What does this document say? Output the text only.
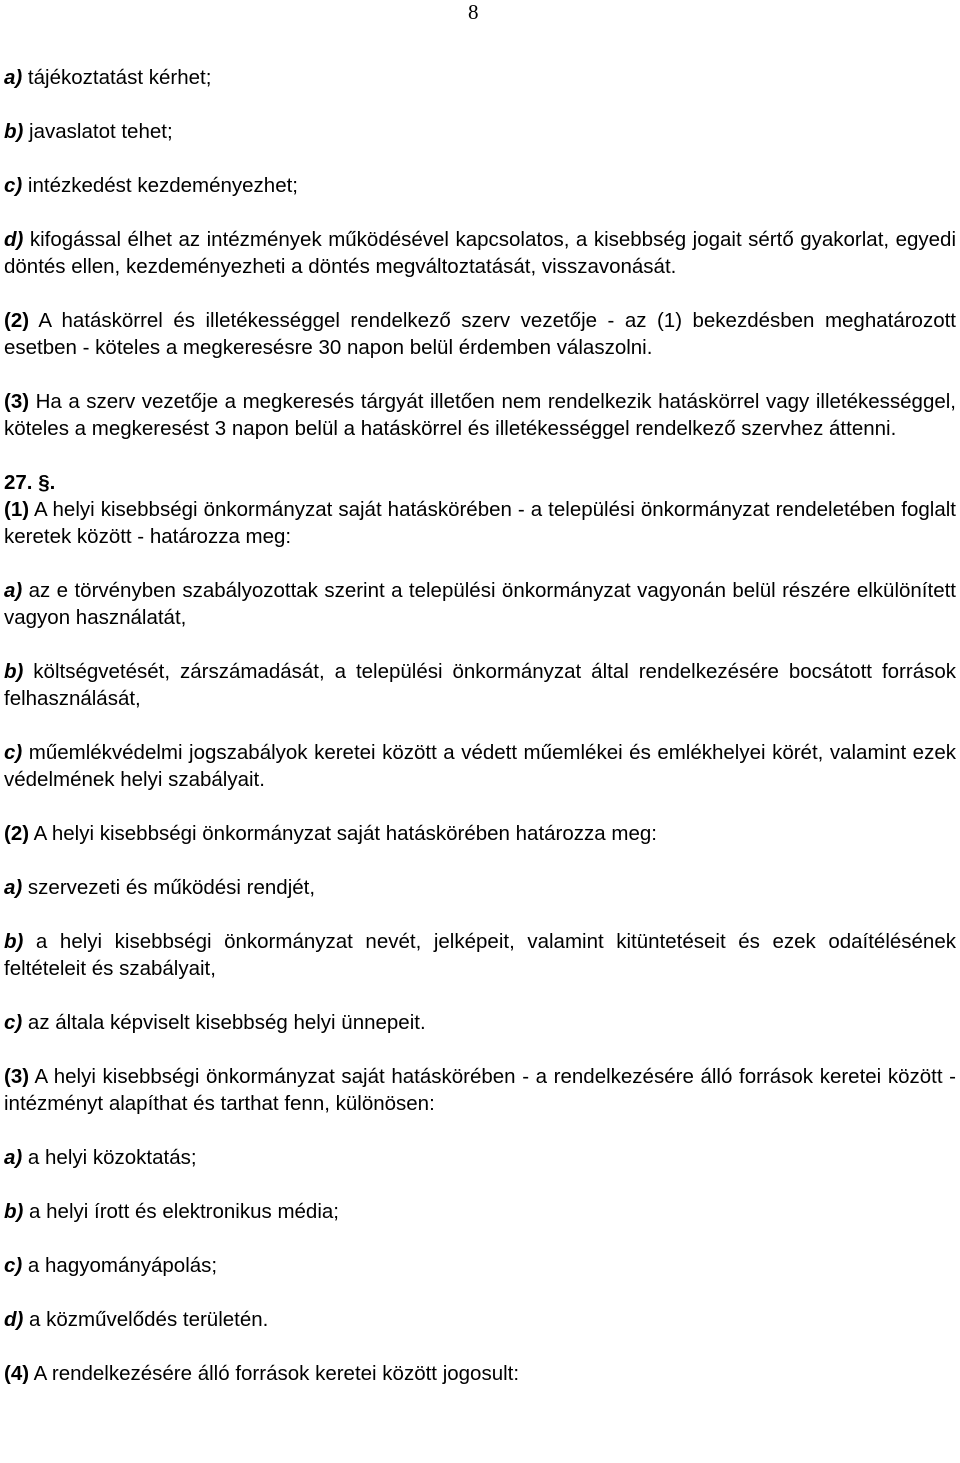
8

a) tájékoztatást kérhet;

b) javaslatot tehet;

c) intézkedést kezdeményezhet;

d) kifogással élhet az intézmények működésével kapcsolatos, a kisebbség jogait sértő gyakorlat, egyedi döntés ellen, kezdeményezheti a döntés megváltoztatását, visszavonását.

(2) A hatáskörrel és illetékességgel rendelkező szerv vezetője - az (1) bekezdésben meghatározott esetben - köteles a megkeresésre 30 napon belül érdemben válaszolni.

(3) Ha a szerv vezetője a megkeresés tárgyát illetően nem rendelkezik hatáskörrel vagy illetékességgel, köteles a megkeresést 3 napon belül a hatáskörrel és illetékességgel rendelkező szervhez áttenni.

27. §.

(1) A helyi kisebbségi önkormányzat saját hatáskörében - a települési önkormányzat rendeletében foglalt keretek között - határozza meg:

a) az e törvényben szabályozottak szerint a települési önkormányzat vagyonán belül részére elkülönített vagyon használatát,

b) költségvetését, zárszámadását, a települési önkormányzat által rendelkezésére bocsátott források felhasználását,

c) műemlékvédelmi jogszabályok keretei között a védett műemlékei és emlékhelyei körét, valamint ezek védelmének helyi szabályait.

(2) A helyi kisebbségi önkormányzat saját hatáskörében határozza meg:

a) szervezeti és működési rendjét,

b) a helyi kisebbségi önkormányzat nevét, jelképeit, valamint kitüntetéseit és ezek odaítélésének feltételeit és szabályait,

c) az általa képviselt kisebbség helyi ünnepeit.

(3) A helyi kisebbségi önkormányzat saját hatáskörében - a rendelkezésére álló források keretei között - intézményt alapíthat és tarthat fenn, különösen:

a) a helyi közoktatás;

b) a helyi írott és elektronikus média;

c) a hagyományápolás;

d) a közművelődés területén.

(4) A rendelkezésére álló források keretei között jogosult:
